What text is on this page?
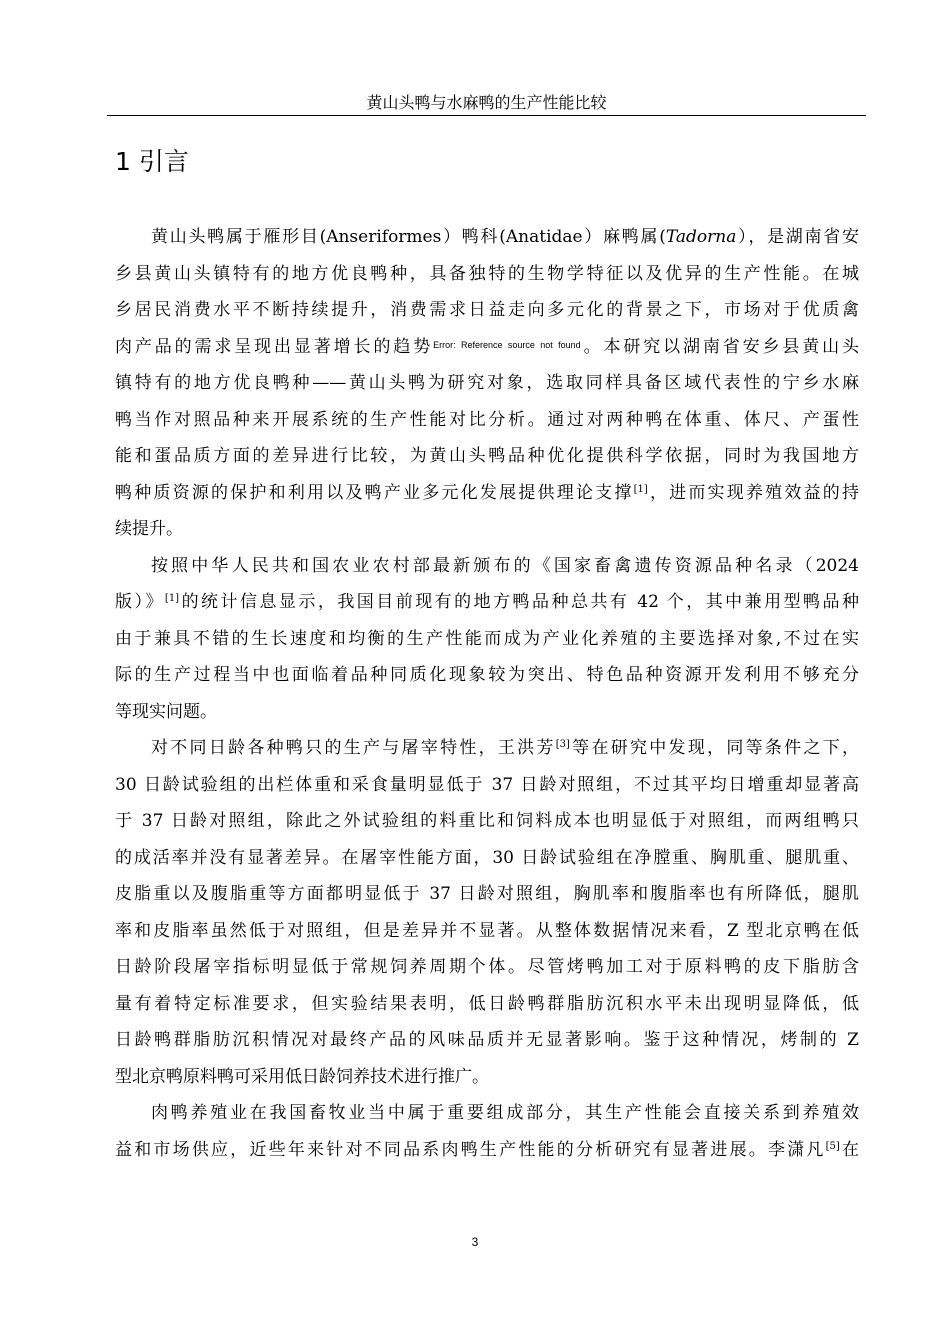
黄山头鸭与水麻鸭的生产性能比较
1 引言
黄山头鸭属于雁形目(Anseriformes）鸭科(Anatidae）麻鸭属(Tadorna），是湖南省安
乡县黄山头镇特有的地方优良鸭种，具备独特的生物学特征以及优异的生产性能。在城
乡居民消费水平不断持续提升，消费需求日益走向多元化的背景之下，市场对于优质禽
肉产品的需求呈现出显著增长的趋势$^{Error: Reference source not found}$。本研究以湖南省安乡县黄山头
镇特有的地方优良鸭种——黄山头鸭为研究对象，选取同样具备区域代表性的宁乡水麻
鸭当作对照品种来开展系统的生产性能对比分析。通过对两种鸭在体重、体尺、产蛋性
能和蛋品质方面的差异进行比较，为黄山头鸭品种优化提供科学依据，同时为我国地方
鸭种质资源的保护和利用以及鸭产业多元化发展提供理论支撑[1]，进而实现养殖效益的持
续提升。
按照中华人民共和国农业农村部最新颁布的《国家畜禽遗传资源品种名录（2024
版）》[1]的统计信息显示，我国目前现有的地方鸭品种总共有 42 个，其中兼用型鸭品种
由于兼具不错的生长速度和均衡的生产性能而成为产业化养殖的主要选择对象,不过在实
际的生产过程当中也面临着品种同质化现象较为突出、特色品种资源开发利用不够充分
等现实问题。
对不同日龄各种鸭只的生产与屠宰特性，王洪芳[3]等在研究中发现，同等条件之下，
30 日龄试验组的出栏体重和采食量明显低于 37 日龄对照组，不过其平均日增重却显著高
于 37 日龄对照组，除此之外试验组的料重比和饲料成本也明显低于对照组，而两组鸭只
的成活率并没有显著差异。在屠宰性能方面，30 日龄试验组在净膛重、胸肌重、腿肌重、
皮脂重以及腹脂重等方面都明显低于 37 日龄对照组，胸肌率和腹脂率也有所降低，腿肌
率和皮脂率虽然低于对照组，但是差异并不显著。从整体数据情况来看，Z 型北京鸭在低
日龄阶段屠宰指标明显低于常规饲养周期个体。尽管烤鸭加工对于原料鸭的皮下脂肪含
量有着特定标准要求，但实验结果表明，低日龄鸭群脂肪沉积水平未出现明显降低，低
日龄鸭群脂肪沉积情况对最终产品的风味品质并无显著影响。鉴于这种情况，烤制的 Z
型北京鸭原料鸭可采用低日龄饲养技术进行推广。
肉鸭养殖业在我国畜牧业当中属于重要组成部分，其生产性能会直接关系到养殖效
益和市场供应，近些年来针对不同品系肉鸭生产性能的分析研究有显著进展。李潇凡[5]在
3
